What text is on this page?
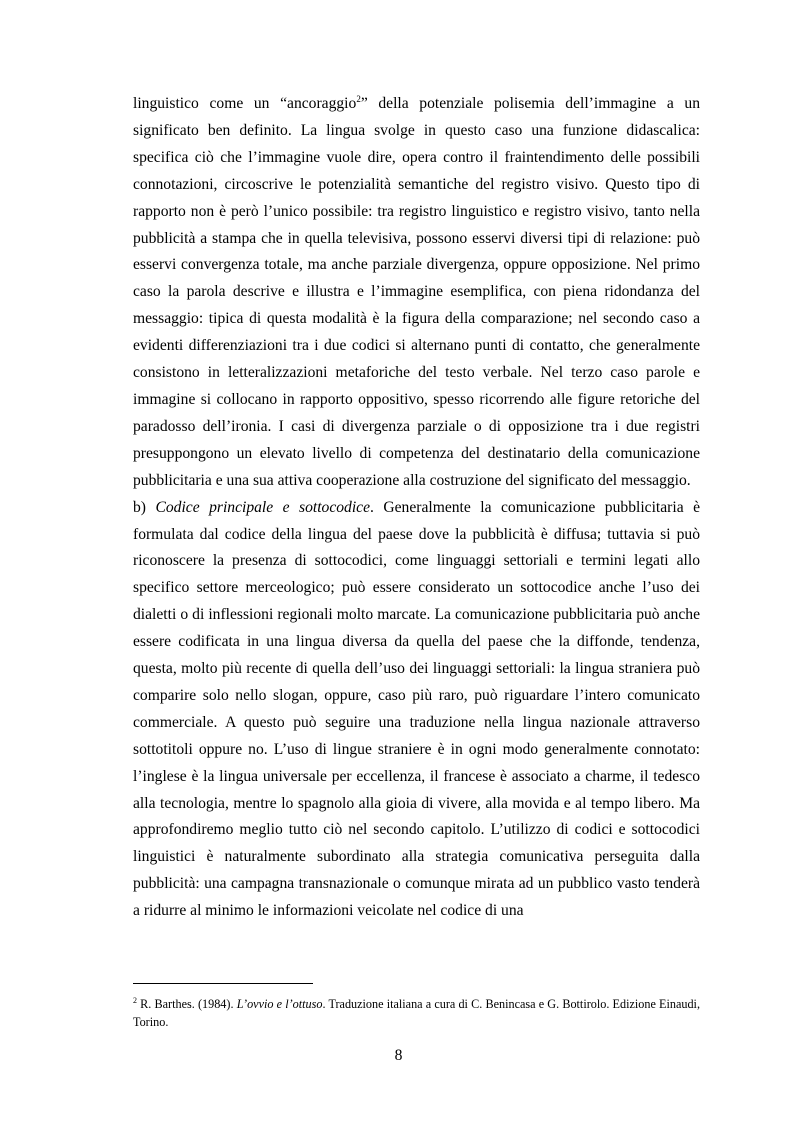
linguistico come un “ancoraggio$^2$” della potenziale polisemia dell’immagine a un significato ben definito. La lingua svolge in questo caso una funzione didascalica: specifica ciò che l’immagine vuole dire, opera contro il fraintendimento delle possibili connotazioni, circoscrive le potenzialità semantiche del registro visivo. Questo tipo di rapporto non è però l’unico possibile: tra registro linguistico e registro visivo, tanto nella pubblicità a stampa che in quella televisiva, possono esservi diversi tipi di relazione: può esservi convergenza totale, ma anche parziale divergenza, oppure opposizione. Nel primo caso la parola descrive e illustra e l’immagine esemplifica, con piena ridondanza del messaggio: tipica di questa modalità è la figura della comparazione; nel secondo caso a evidenti differenziazioni tra i due codici si alternano punti di contatto, che generalmente consistono in letteralizzazioni metaforiche del testo verbale. Nel terzo caso parole e immagine si collocano in rapporto oppositivo, spesso ricorrendo alle figure retoriche del paradosso dell’ironia. I casi di divergenza parziale o di opposizione tra i due registri presuppongono un elevato livello di competenza del destinatario della comunicazione pubblicitaria e una sua attiva cooperazione alla costruzione del significato del messaggio.

b) Codice principale e sottocodice. Generalmente la comunicazione pubblicitaria è formulata dal codice della lingua del paese dove la pubblicità è diffusa; tuttavia si può riconoscere la presenza di sottocodici, come linguaggi settoriali e termini legati allo specifico settore merceologico; può essere considerato un sottocodice anche l’uso dei dialetti o di inflessioni regionali molto marcate. La comunicazione pubblicitaria può anche essere codificata in una lingua diversa da quella del paese che la diffonde, tendenza, questa, molto più recente di quella dell’uso dei linguaggi settoriali: la lingua straniera può comparire solo nello slogan, oppure, caso più raro, può riguardare l’intero comunicato commerciale. A questo può seguire una traduzione nella lingua nazionale attraverso sottotitoli oppure no. L’uso di lingue straniere è in ogni modo generalmente connotato: l’inglese è la lingua universale per eccellenza, il francese è associato a charme, il tedesco alla tecnologia, mentre lo spagnolo alla gioia di vivere, alla movida e al tempo libero. Ma approfondiremo meglio tutto ciò nel secondo capitolo. L’utilizzo di codici e sottocodici linguistici è naturalmente subordinato alla strategia comunicativa perseguita dalla pubblicità: una campagna transnazionale o comunque mirata ad un pubblico vasto tenderà a ridurre al minimo le informazioni veicolate nel codice di una

$^2$ R. Barthes. (1984). L’ovvio e l’ottuso. Traduzione italiana a cura di C. Benincasa e G. Bottirolo. Edizione Einaudi, Torino.
8
